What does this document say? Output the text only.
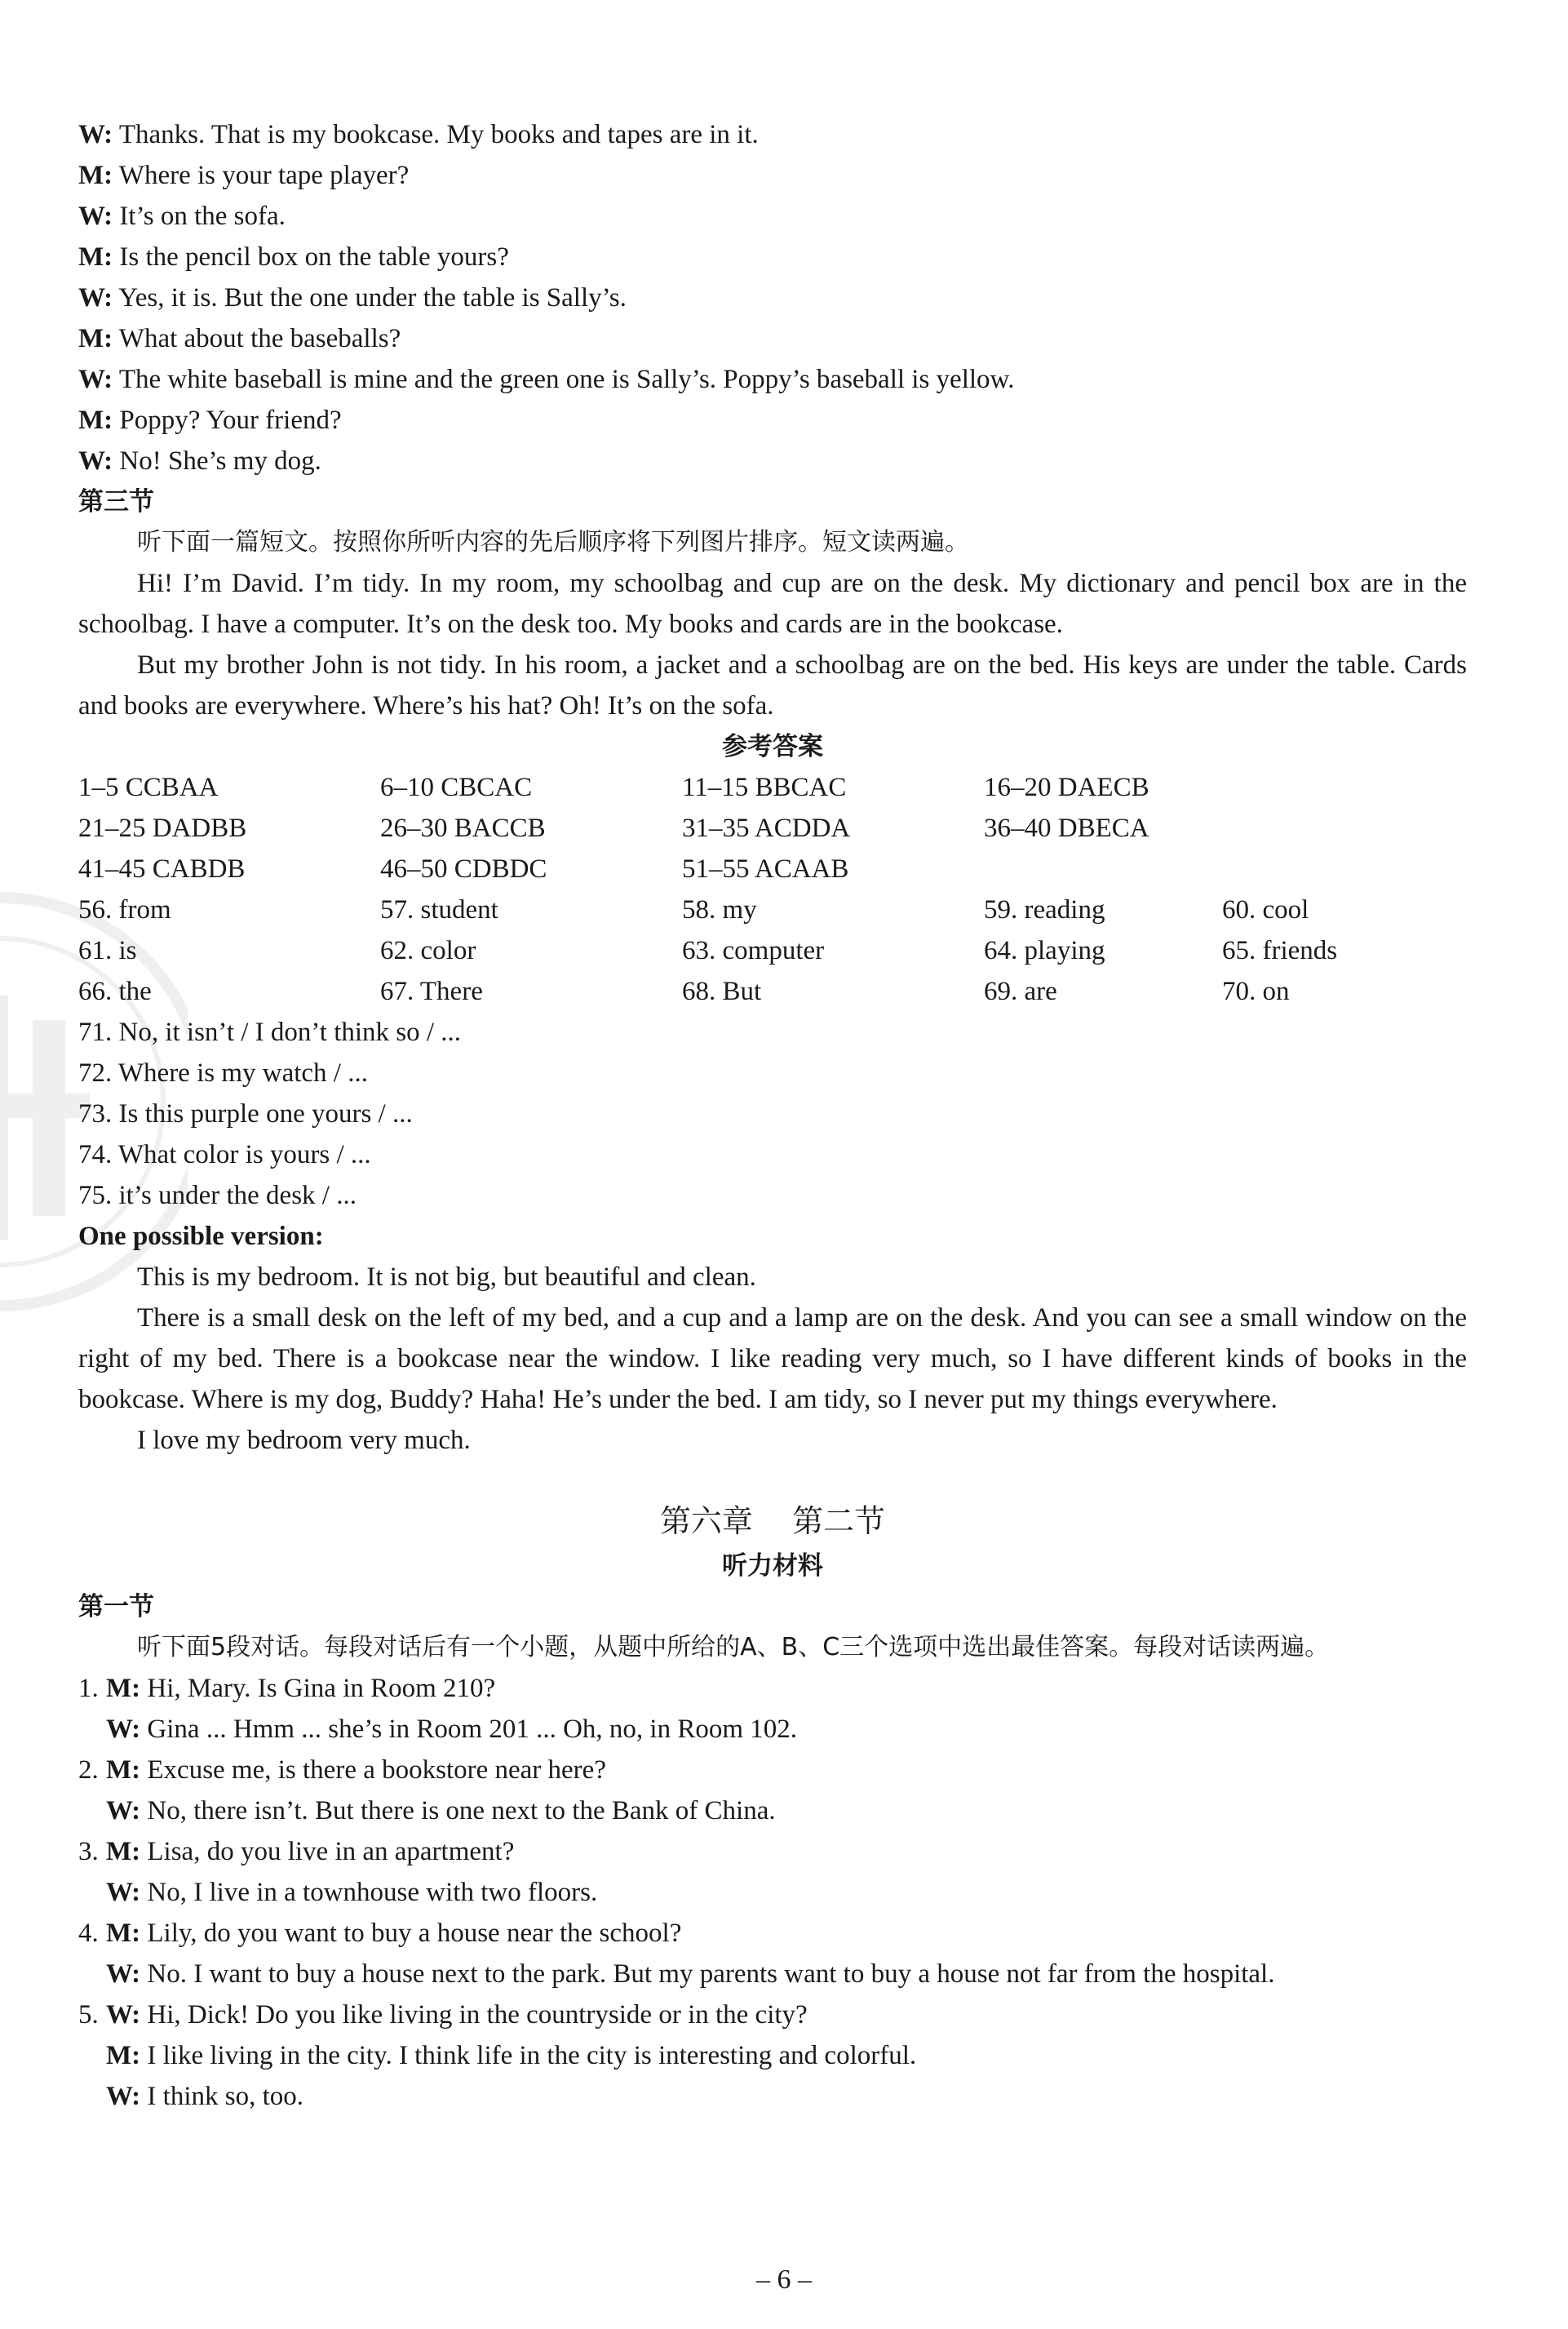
W: Thanks. That is my bookcase. My books and tapes are in it.
M: Where is your tape player?
W: It’s on the sofa.
M: Is the pencil box on the table yours?
W: Yes, it is. But the one under the table is Sally’s.
M: What about the baseballs?
W: The white baseball is mine and the green one is Sally’s. Poppy’s baseball is yellow.
M: Poppy? Your friend?
W: No! She’s my dog.
第三节
听下面一篇短文。按照你所听内容的先后顺序将下列图片排序。短文读两遍。
Hi! I’m David. I’m tidy. In my room, my schoolbag and cup are on the desk. My dictionary and pencil box are in the schoolbag. I have a computer. It’s on the desk too. My books and cards are in the bookcase.
But my brother John is not tidy. In his room, a jacket and a schoolbag are on the bed. His keys are under the table. Cards and books are everywhere. Where’s his hat? Oh! It’s on the sofa.
参考答案
1–5 CCBAA	6–10 CBCAC	11–15 BBCAC	16–20 DAECB
21–25 DADBB	26–30 BACCB	31–35 ACDDA	36–40 DBECA
41–45 CABDB	46–50 CDBDC	51–55 ACAAB
56. from	57. student	58. my	59. reading	60. cool
61. is	62. color	63. computer	64. playing	65. friends
66. the	67. There	68. But	69. are	70. on
71. No, it isn’t / I don’t think so / ...
72. Where is my watch / ...
73. Is this purple one yours / ...
74. What color is yours / ...
75. it’s under the desk / ...
One possible version:
This is my bedroom. It is not big, but beautiful and clean.
There is a small desk on the left of my bed, and a cup and a lamp are on the desk. And you can see a small window on the right of my bed. There is a bookcase near the window. I like reading very much, so I have different kinds of books in the bookcase. Where is my dog, Buddy? Haha! He’s under the bed. I am tidy, so I never put my things everywhere.
I love my bedroom very much.
第六章    第二节
听力材料
第一节
听下面5段对话。每段对话后有一个小题，从题中所给的A、B、C三个选项中选出最佳答案。每段对话读两遍。
1. M: Hi, Mary. Is Gina in Room 210?
W: Gina ... Hmm ... she’s in Room 201 ... Oh, no, in Room 102.
2. M: Excuse me, is there a bookstore near here?
W: No, there isn’t. But there is one next to the Bank of China.
3. M: Lisa, do you live in an apartment?
W: No, I live in a townhouse with two floors.
4. M: Lily, do you want to buy a house near the school?
W: No. I want to buy a house next to the park. But my parents want to buy a house not far from the hospital.
5. W: Hi, Dick! Do you like living in the countryside or in the city?
M: I like living in the city. I think life in the city is interesting and colorful.
W: I think so, too.
– 6 –
